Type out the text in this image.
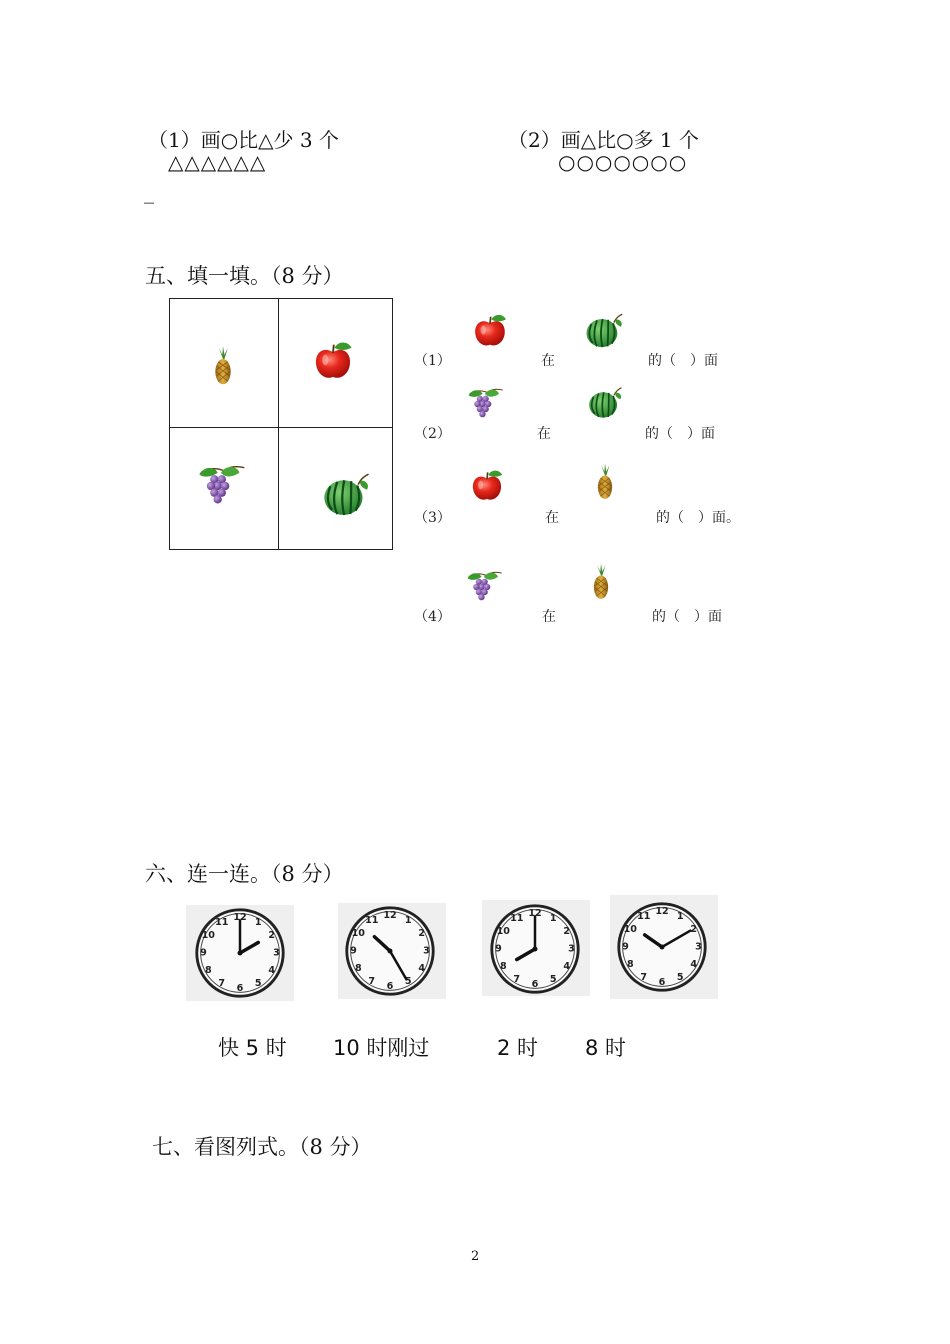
（1）画○比△少 3 个
△△△△△△
（2）画△比○多 1 个
○○○○○○○
_
五、填一填。（8 分）
（1）	在	的（　）面
（2）	在	的（　）面
（3）	在	的（　）面。
（4）	在	的（　）面
六、连一连。（8 分）
快 5 时 10 时刚过	2 时 8 时
七、看图列式。（8 分）
2
